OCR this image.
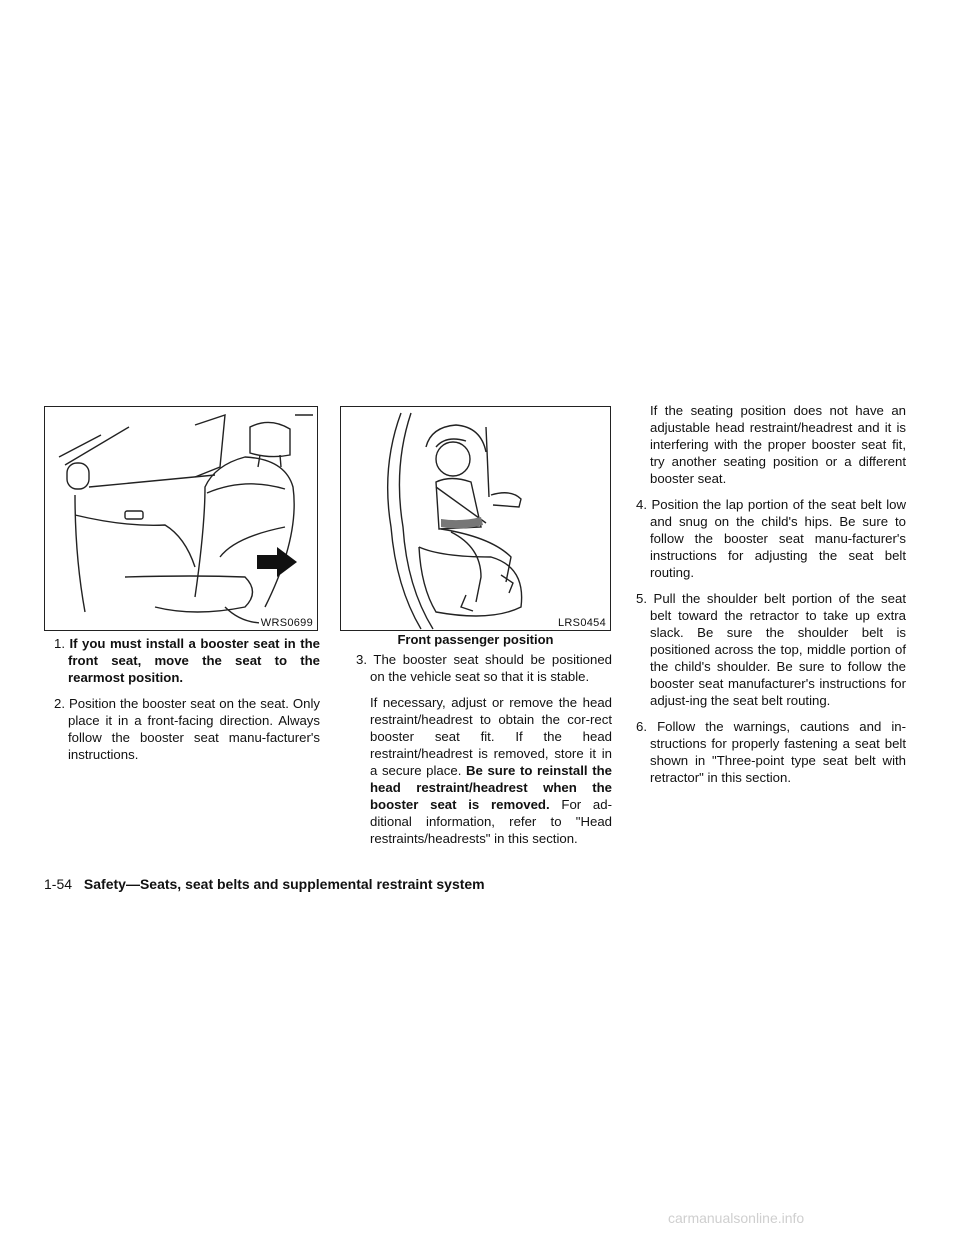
WRS0699	LRS0454
Front passenger position

1. If you must install a booster seat in the front seat, move the seat to the rearmost position.

2. Position the booster seat on the seat. Only place it in a front-facing direction. Always follow the booster seat manu-facturer's instructions.

3. The booster seat should be positioned on the vehicle seat so that it is stable.

If necessary, adjust or remove the head restraint/headrest to obtain the cor-rect booster seat fit. If the head restraint/headrest is removed, store it in a secure place. Be sure to reinstall the head restraint/headrest when the booster seat is removed. For ad-ditional information, refer to "Head restraints/headrests" in this section.

If the seating position does not have an adjustable head restraint/headrest and it is interfering with the proper booster seat fit, try another seating position or a different booster seat.

4. Position the lap portion of the seat belt low and snug on the child's hips. Be sure to follow the booster seat manu-facturer's instructions for adjusting the seat belt routing.

5. Pull the shoulder belt portion of the seat belt toward the retractor to take up extra slack. Be sure the shoulder belt is positioned across the top, middle portion of the child's shoulder. Be sure to follow the booster seat manufacturer's instructions for adjust-ing the seat belt routing.

6. Follow the warnings, cautions and in-structions for properly fastening a seat belt shown in "Three-point type seat belt with retractor" in this section.

1-54 Safety—Seats, seat belts and supplemental restraint system
carmanualsonline.info
